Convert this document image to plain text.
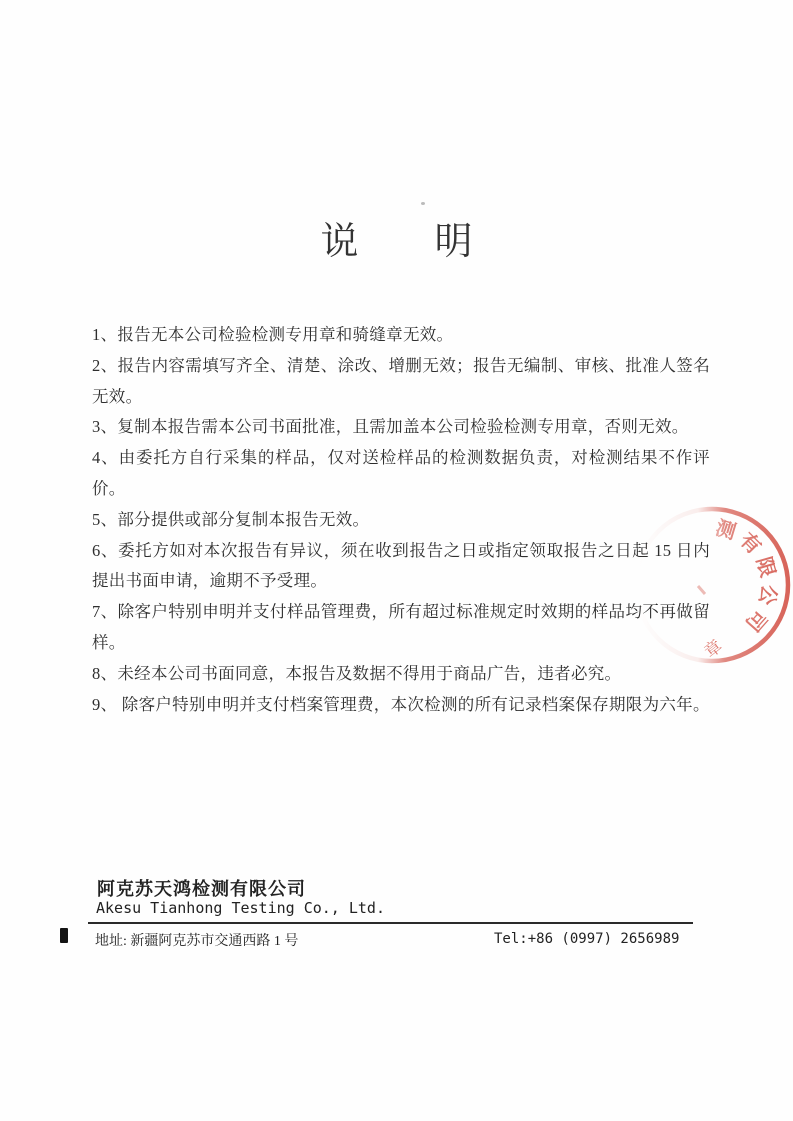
说　　明

1、报告无本公司检验检测专用章和骑缝章无效。

2、报告内容需填写齐全、清楚、涂改、增删无效；报告无编制、审核、批准人签名无效。

3、复制本报告需本公司书面批准，且需加盖本公司检验检测专用章，否则无效。

4、由委托方自行采集的样品，仅对送检样品的检测数据负责，对检测结果不作评价。

5、部分提供或部分复制本报告无效。

6、委托方如对本次报告有异议，须在收到报告之日或指定领取报告之日起 15 日内提出书面申请，逾期不予受理。

7、除客户特别申明并支付样品管理费，所有超过标准规定时效期的样品均不再做留样。

8、未经本公司书面同意，本报告及数据不得用于商品广告，违者必究。

9、 除客户特别申明并支付档案管理费，本次检测的所有记录档案保存期限为六年。

阿克苏天鸿检测有限公司
Akesu Tianhong Testing Co., Ltd.
地址: 新疆阿克苏市交通西路 1 号	Tel:+86 (0997) 2656989
测有限公司
章
